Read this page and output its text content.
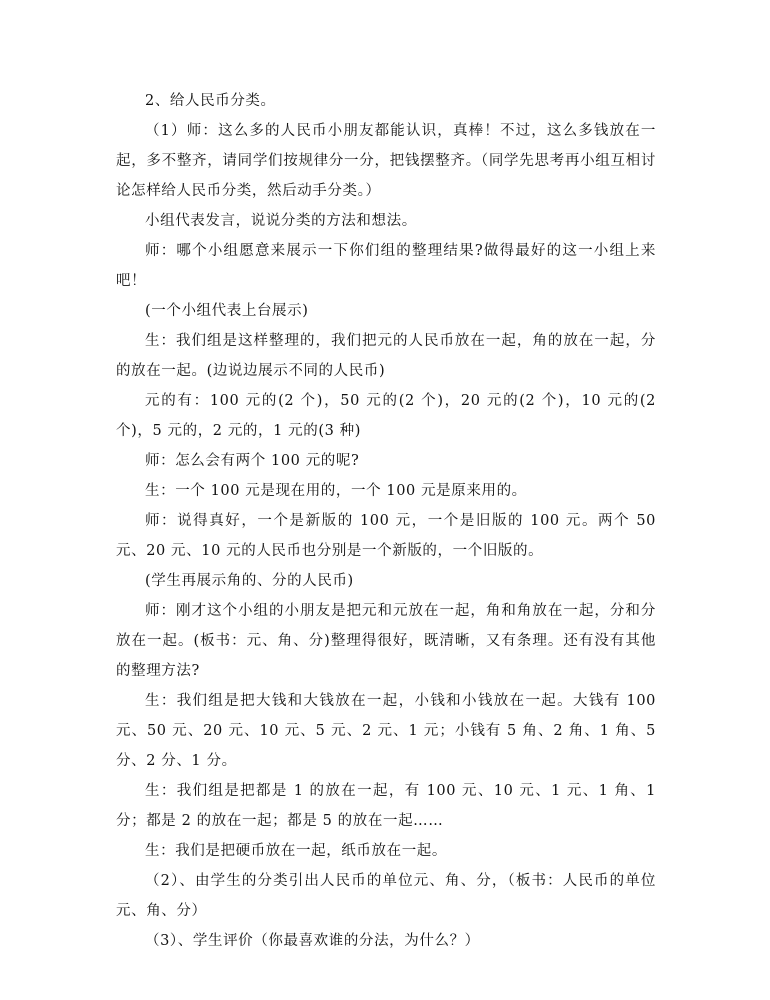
2、给人民币分类。

（1）师：这么多的人民币小朋友都能认识，真棒！不过，这么多钱放在一起，多不整齐，请同学们按规律分一分，把钱摆整齐。（同学先思考再小组互相讨论怎样给人民币分类，然后动手分类。）

小组代表发言，说说分类的方法和想法。

师：哪个小组愿意来展示一下你们组的整理结果?做得最好的这一小组上来吧！

(一个小组代表上台展示)

生：我们组是这样整理的，我们把元的人民币放在一起，角的放在一起，分的放在一起。(边说边展示不同的人民币)

元的有：100 元的(2 个)，50 元的(2 个)，20 元的(2 个)，10 元的(2 个)，5 元的，2 元的，1 元的(3 种)

师：怎么会有两个 100 元的呢?

生：一个 100 元是现在用的，一个 100 元是原来用的。

师：说得真好，一个是新版的 100 元，一个是旧版的 100 元。两个 50 元、20 元、10 元的人民币也分别是一个新版的，一个旧版的。

(学生再展示角的、分的人民币)

师：刚才这个小组的小朋友是把元和元放在一起，角和角放在一起，分和分放在一起。(板书：元、角、分)整理得很好，既清晰，又有条理。还有没有其他的整理方法?

生：我们组是把大钱和大钱放在一起，小钱和小钱放在一起。大钱有 100 元、50 元、20 元、10 元、5 元、2 元、1 元；小钱有 5 角、2 角、1 角、5 分、2 分、1 分。

生：我们组是把都是 1 的放在一起，有 100 元、10 元、1 元、1 角、1 分；都是 2 的放在一起；都是 5 的放在一起……

生：我们是把硬币放在一起，纸币放在一起。

（2）、由学生的分类引出人民币的单位元、角、分，（板书：人民币的单位元、角、分）

（3）、学生评价（你最喜欢谁的分法，为什么？）
